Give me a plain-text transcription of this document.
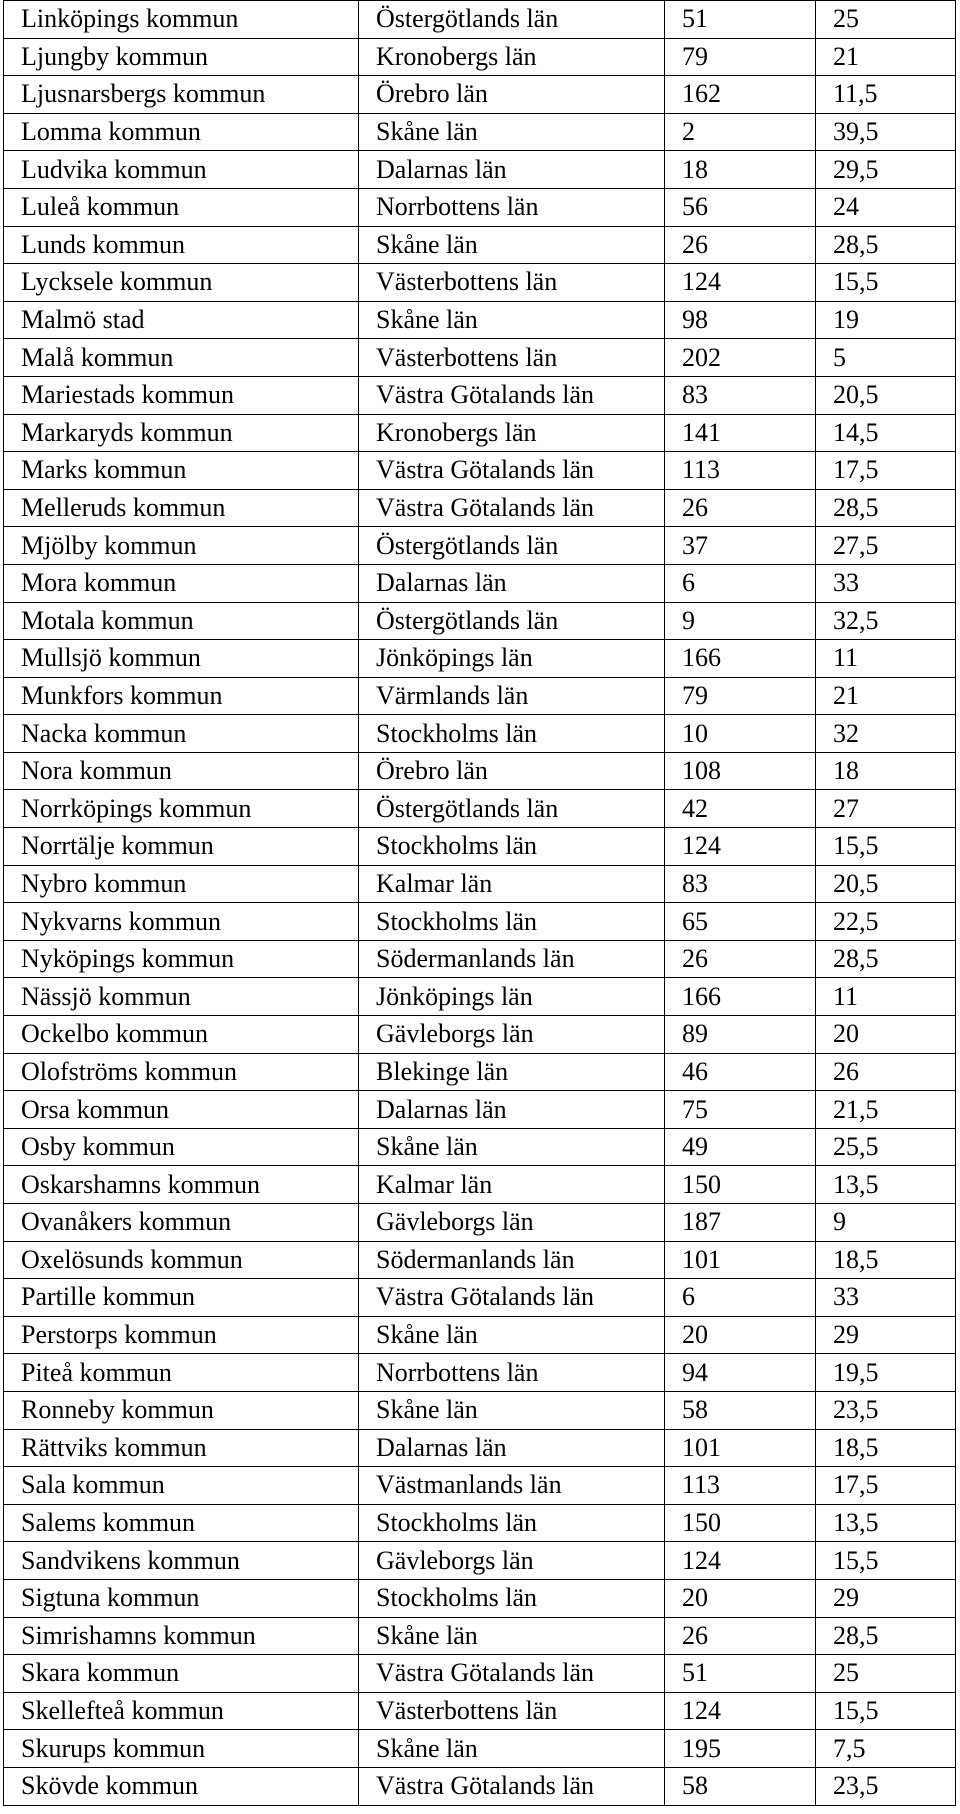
Linköpings kommun	Östergötlands län	51	25
Ljungby kommun	Kronobergs län	79	21
Ljusnarsbergs kommun	Örebro län	162	11,5
Lomma kommun	Skåne län	2	39,5
Ludvika kommun	Dalarnas län	18	29,5
Luleå kommun	Norrbottens län	56	24
Lunds kommun	Skåne län	26	28,5
Lycksele kommun	Västerbottens län	124	15,5
Malmö stad	Skåne län	98	19
Malå kommun	Västerbottens län	202	5
Mariestads kommun	Västra Götalands län	83	20,5
Markaryds kommun	Kronobergs län	141	14,5
Marks kommun	Västra Götalands län	113	17,5
Melleruds kommun	Västra Götalands län	26	28,5
Mjölby kommun	Östergötlands län	37	27,5
Mora kommun	Dalarnas län	6	33
Motala kommun	Östergötlands län	9	32,5
Mullsjö kommun	Jönköpings län	166	11
Munkfors kommun	Värmlands län	79	21
Nacka kommun	Stockholms län	10	32
Nora kommun	Örebro län	108	18
Norrköpings kommun	Östergötlands län	42	27
Norrtälje kommun	Stockholms län	124	15,5
Nybro kommun	Kalmar län	83	20,5
Nykvarns kommun	Stockholms län	65	22,5
Nyköpings kommun	Södermanlands län	26	28,5
Nässjö kommun	Jönköpings län	166	11
Ockelbo kommun	Gävleborgs län	89	20
Olofströms kommun	Blekinge län	46	26
Orsa kommun	Dalarnas län	75	21,5
Osby kommun	Skåne län	49	25,5
Oskarshamns kommun	Kalmar län	150	13,5
Ovanåkers kommun	Gävleborgs län	187	9
Oxelösunds kommun	Södermanlands län	101	18,5
Partille kommun	Västra Götalands län	6	33
Perstorps kommun	Skåne län	20	29
Piteå kommun	Norrbottens län	94	19,5
Ronneby kommun	Skåne län	58	23,5
Rättviks kommun	Dalarnas län	101	18,5
Sala kommun	Västmanlands län	113	17,5
Salems kommun	Stockholms län	150	13,5
Sandvikens kommun	Gävleborgs län	124	15,5
Sigtuna kommun	Stockholms län	20	29
Simrishamns kommun	Skåne län	26	28,5
Skara kommun	Västra Götalands län	51	25
Skellefteå kommun	Västerbottens län	124	15,5
Skurups kommun	Skåne län	195	7,5
Skövde kommun	Västra Götalands län	58	23,5
